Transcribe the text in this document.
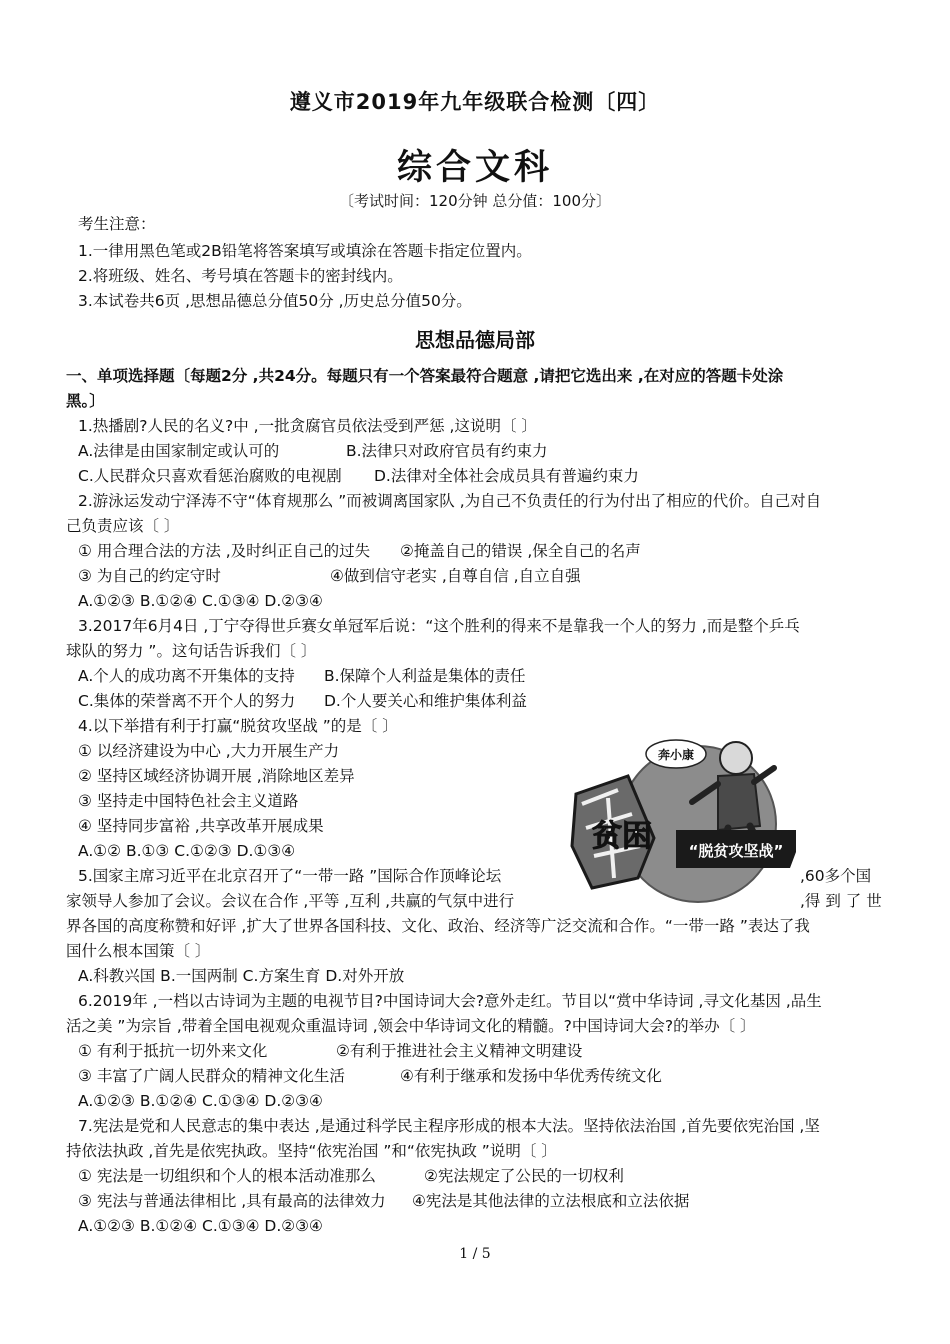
遵义市2019年九年级联合检测〔四〕
综合文科
〔考试时间：120分钟 总分值：100分〕
考生注意：
1.一律用黑色笔或2B铅笔将答案填写或填涂在答题卡指定位置内。
2.将班级、姓名、考号填在答题卡的密封线内。
3.本试卷共6页 ,思想品德总分值50分 ,历史总分值50分。
思想品德局部
一、单项选择题〔每题2分 ,共24分。每题只有一个答案最符合题意 ,请把它选出来 ,在对应的答题卡处涂
黑。〕
1.热播剧?人民的名义?中 ,一批贪腐官员依法受到严惩 ,这说明〔 〕
A.法律是由国家制定或认可的	B.法律只对政府官员有约束力
C.人民群众只喜欢看惩治腐败的电视剧 D.法律对全体社会成员具有普遍约束力
2.游泳运发动宁泽涛不守“体育规那么 ”而被调离国家队 ,为自己不负责任的行为付出了相应的代价。自己对自
己负责应该〔 〕
① 用合理合法的方法 ,及时纠正自己的过失 ②掩盖自己的错误 ,保全自己的名声
③ 为自己的约定守时	④做到信守老实 ,自尊自信 ,自立自强
A.①②③ B.①②④ C.①③④ D.②③④
3.2017年6月4日 ,丁宁夺得世乒赛女单冠军后说：“这个胜利的得来不是靠我一个人的努力 ,而是整个乒乓
球队的努力 ”。这句话告诉我们〔 〕
A.个人的成功离不开集体的支持 B.保障个人利益是集体的责任
C.集体的荣誉离不开个人的努力 D.个人要关心和维护集体利益
4.以下举措有利于打赢“脱贫攻坚战 ”的是〔 〕
① 以经济建设为中心 ,大力开展生产力
② 坚持区域经济协调开展 ,消除地区差异
③ 坚持走中国特色社会主义道路
④ 坚持同步富裕 ,共享改革开展成果
A.①② B.①③ C.①②③ D.①③④	贫困
奔小康
“脱贫攻坚战”
5.国家主席习近平在北京召开了“一带一路 ”国际合作顶峰论坛	,60多个国
家领导人参加了会议。会议在合作 ,平等 ,互利 ,共赢的气氛中进行	,得 到 了 世
界各国的高度称赞和好评 ,扩大了世界各国科技、文化、政治、经济等广泛交流和合作。“一带一路 ”表达了我
国什么根本国策〔 〕
A.科教兴国 B.一国两制 C.方案生育 D.对外开放
6.2019年 ,一档以古诗词为主题的电视节目?中国诗词大会?意外走红。节目以“赏中华诗词 ,寻文化基因 ,品生
活之美 ”为宗旨 ,带着全国电视观众重温诗词 ,领会中华诗词文化的精髓。?中国诗词大会?的举办〔 〕
① 有利于抵抗一切外来文化	②有利于推进社会主义精神文明建设
③ 丰富了广阔人民群众的精神文化生活	④有利于继承和发扬中华优秀传统文化
A.①②③ B.①②④ C.①③④ D.②③④
7.宪法是党和人民意志的集中表达 ,是通过科学民主程序形成的根本大法。坚持依法治国 ,首先要依宪治国 ,坚
持依法执政 ,首先是依宪执政。坚持“依宪治国 ”和“依宪执政 ”说明〔 〕
① 宪法是一切组织和个人的根本活动准那么	②宪法规定了公民的一切权利
③ 宪法与普通法律相比 ,具有最高的法律效力 ④宪法是其他法律的立法根底和立法依据
A.①②③ B.①②④ C.①③④ D.②③④
1 / 5
